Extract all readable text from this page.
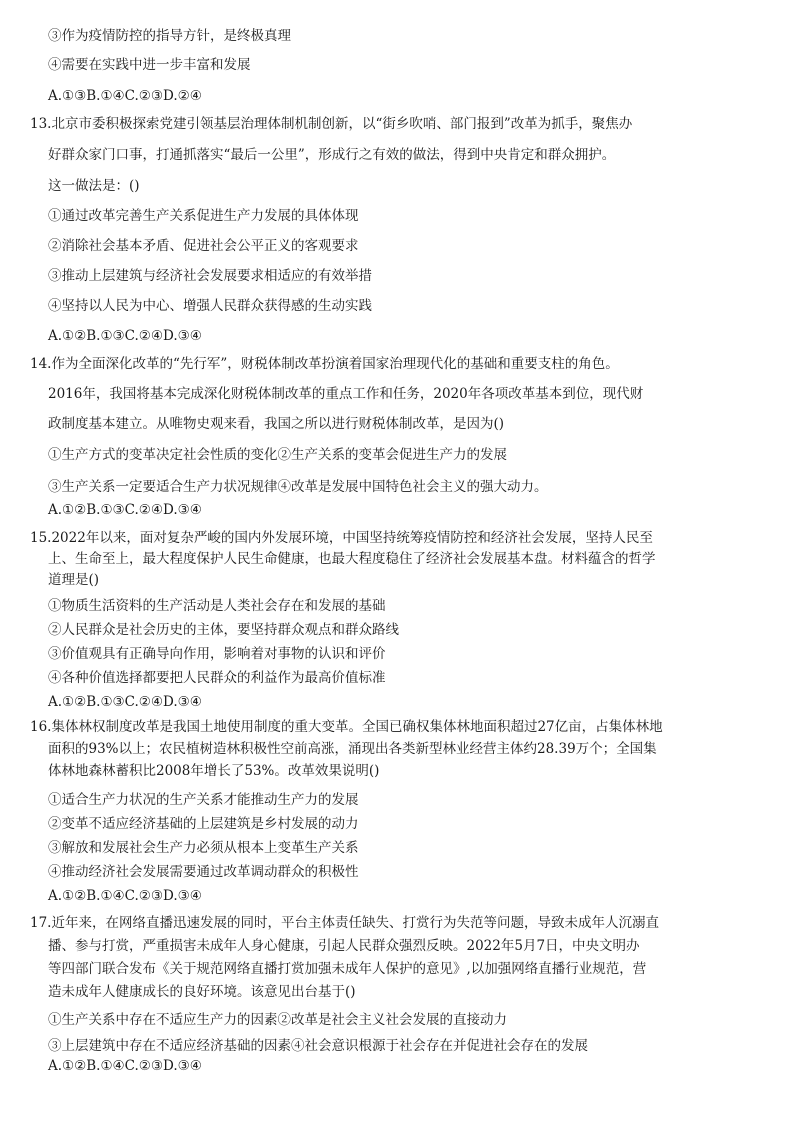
③作为疫情防控的指导方针，是终极真理
④需要在实践中进一步丰富和发展
A.①③B.①④C.②③D.②④
13.北京市委积极探索党建引领基层治理体制机制创新，以“街乡吹哨、部门报到”改革为抓手，聚焦办
好群众家门口事，打通抓落实“最后一公里”，形成行之有效的做法，得到中央肯定和群众拥护。
这一做法是：()
①通过改革完善生产关系促进生产力发展的具体体现
②消除社会基本矛盾、促进社会公平正义的客观要求
③推动上层建筑与经济社会发展要求相适应的有效举措
④坚持以人民为中心、增强人民群众获得感的生动实践
A.①②B.①③C.②④D.③④
14.作为全面深化改革的“先行军”，财税体制改革扮演着国家治理现代化的基础和重要支柱的角色。
2016年，我国将基本完成深化财税体制改革的重点工作和任务，2020年各项改革基本到位，现代财
政制度基本建立。从唯物史观来看，我国之所以进行财税体制改革，是因为()
①生产方式的变革决定社会性质的变化②生产关系的变革会促进生产力的发展
③生产关系一定要适合生产力状况规律④改革是发展中国特色社会主义的强大动力。
A.①②B.①③C.②④D.③④
15.2022年以来，面对复杂严峻的国内外发展环境，中国坚持统筹疫情防控和经济社会发展，坚持人民至
上、生命至上，最大程度保护人民生命健康，也最大程度稳住了经济社会发展基本盘。材料蕴含的哲学
道理是()
①物质生活资料的生产活动是人类社会存在和发展的基础
②人民群众是社会历史的主体，要坚持群众观点和群众路线
③价值观具有正确导向作用，影响着对事物的认识和评价
④各种价值选择都要把人民群众的利益作为最高价值标准
A.①②B.①③C.②④D.③④
16.集体林权制度改革是我国土地使用制度的重大变革。全国已确权集体林地面积超过27亿亩，占集体林地
面积的93%以上；农民植树造林积极性空前高涨，涌现出各类新型林业经营主体约28.39万个；全国集
体林地森林蓄积比2008年增长了53%。改革效果说明()
①适合生产力状况的生产关系才能推动生产力的发展
②变革不适应经济基础的上层建筑是乡村发展的动力
③解放和发展社会生产力必须从根本上变革生产关系
④推动经济社会发展需要通过改革调动群众的积极性
A.①②B.①④C.②③D.③④
17.近年来，在网络直播迅速发展的同时，平台主体责任缺失、打赏行为失范等问题，导致未成年人沉溺直
播、参与打赏，严重损害未成年人身心健康，引起人民群众强烈反映。2022年5月7日，中央文明办
等四部门联合发布《关于规范网络直播打赏加强未成年人保护的意见》,以加强网络直播行业规范，营
造未成年人健康成长的良好环境。该意见出台基于()
①生产关系中存在不适应生产力的因素②改革是社会主义社会发展的直接动力
③上层建筑中存在不适应经济基础的因素④社会意识根源于社会存在并促进社会存在的发展
A.①②B.①④C.②③D.③④
